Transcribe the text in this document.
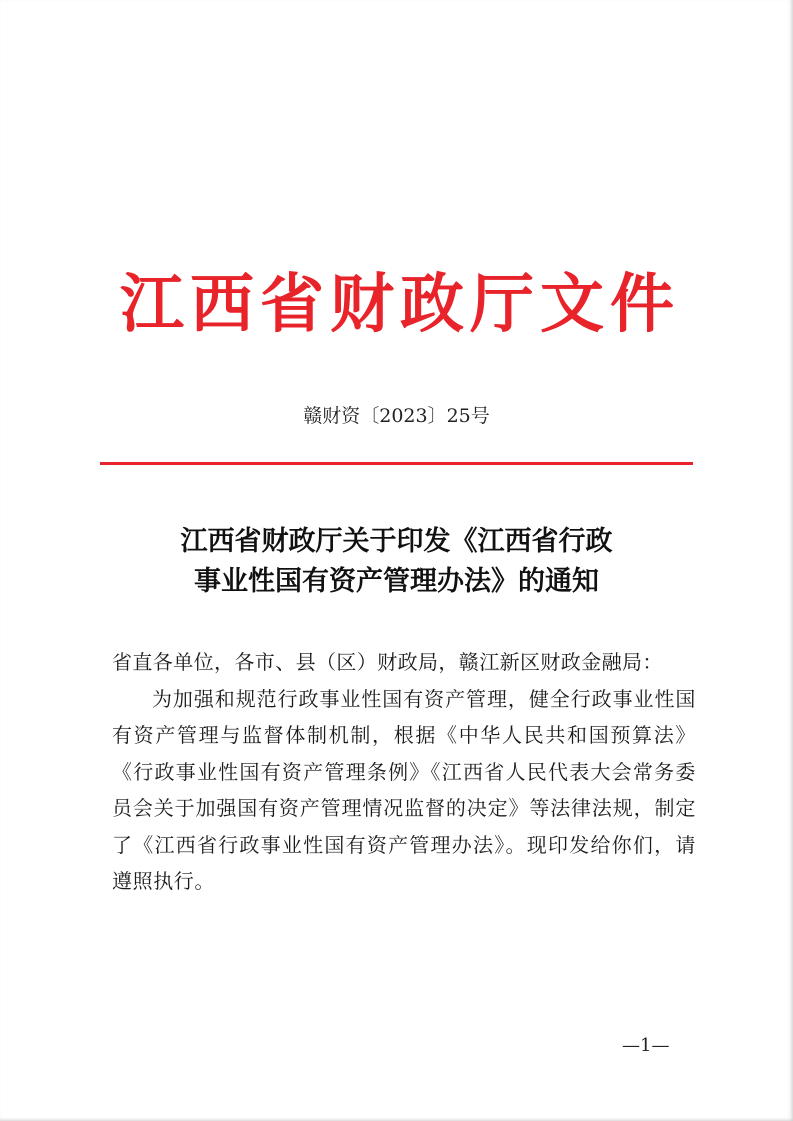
江西省财政厅文件
赣财资〔2023〕25号
江西省财政厅关于印发《江西省行政
事业性国有资产管理办法》的通知

省直各单位，各市、县（区）财政局，赣江新区财政金融局：

为加强和规范行政事业性国有资产管理，健全行政事业性国有资产管理与监督体制机制，根据《中华人民共和国预算法》《行政事业性国有资产管理条例》《江西省人民代表大会常务委员会关于加强国有资产管理情况监督的决定》等法律法规，制定了《江西省行政事业性国有资产管理办法》。现印发给你们，请遵照执行。

—1—
